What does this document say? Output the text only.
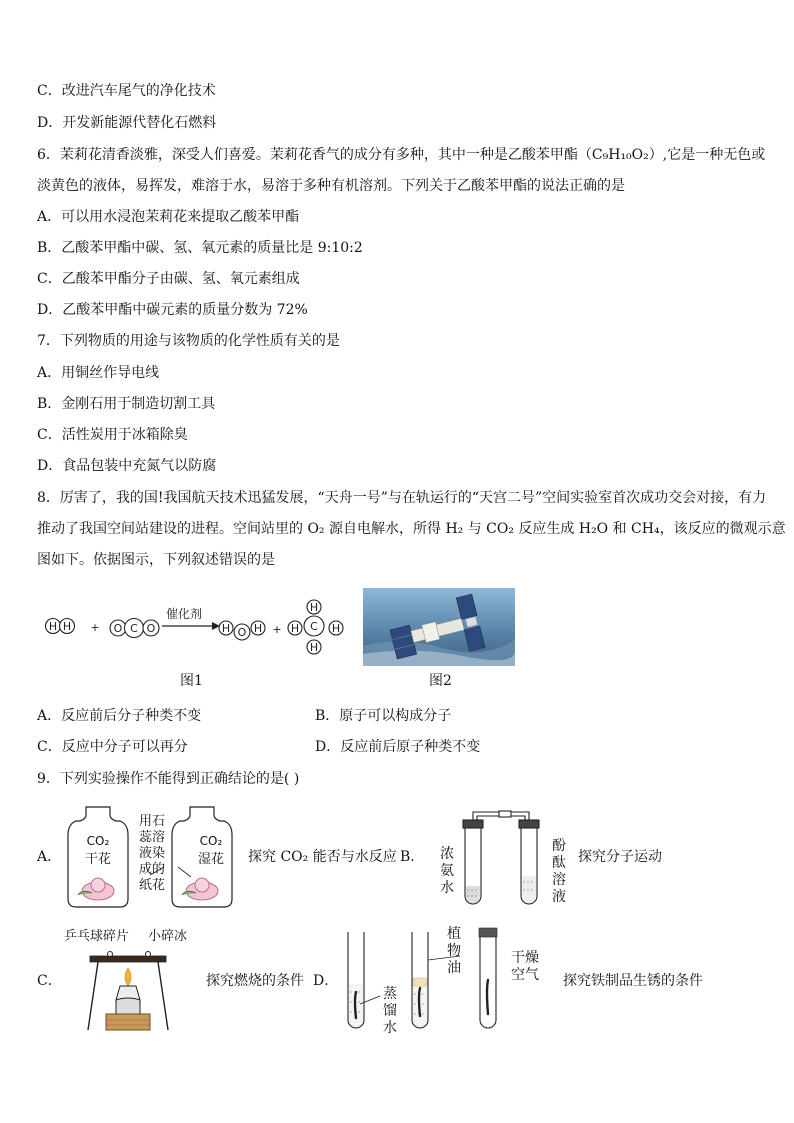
C．改进汽车尾气的净化技术
D．开发新能源代替化石燃料
6．茉莉花清香淡雅，深受人们喜爱。茉莉花香气的成分有多种，其中一种是乙酸苯甲酯（C₉H₁₀O₂）,它是一种无色或
淡黄色的液体，易挥发，难溶于水，易溶于多种有机溶剂。下列关于乙酸苯甲酯的说法正确的是
A．可以用水浸泡茉莉花来提取乙酸苯甲酯
B．乙酸苯甲酯中碳、氢、氧元素的质量比是 9:10:2
C．乙酸苯甲酯分子由碳、氢、氧元素组成
D．乙酸苯甲酯中碳元素的质量分数为 72%
7．下列物质的用途与该物质的化学性质有关的是
A．用铜丝作导电线
B．金刚石用于制造切割工具
C．活性炭用于冰箱除臭
D．食品包装中充氮气以防腐
8．厉害了，我的国!我国航天技术迅猛发展，“天舟一号”与在轨运行的“天宫二号”空间实验室首次成功交会对接，有力
推动了我国空间站建设的进程。空间站里的 O₂ 源自电解水，所得 H₂ 与 CO₂ 反应生成 H₂O 和 CH₄，该反应的微观示意
图如下。依据图示，下列叙述错误的是
H H + O C O
催化剂
H O H + H C H
H
H
图1	图2
A．反应前后分子种类不变	B．原子可以构成分子
C．反应中分子可以再分	D．反应前后原子种类不变
9．下列实验操作不能得到正确结论的是( )
A．
CO₂
干花
CO₂
湿花
用石蕊溶液染成的纸花
探究 CO₂ 能否与水反应 B． 浓氨水
酚酞溶液
探究分子运动
C．
乒乓球碎片 小碎冰
探究燃烧的条件 D．
蒸馏水
植物油
干燥空气 探究铁制品生锈的条件
